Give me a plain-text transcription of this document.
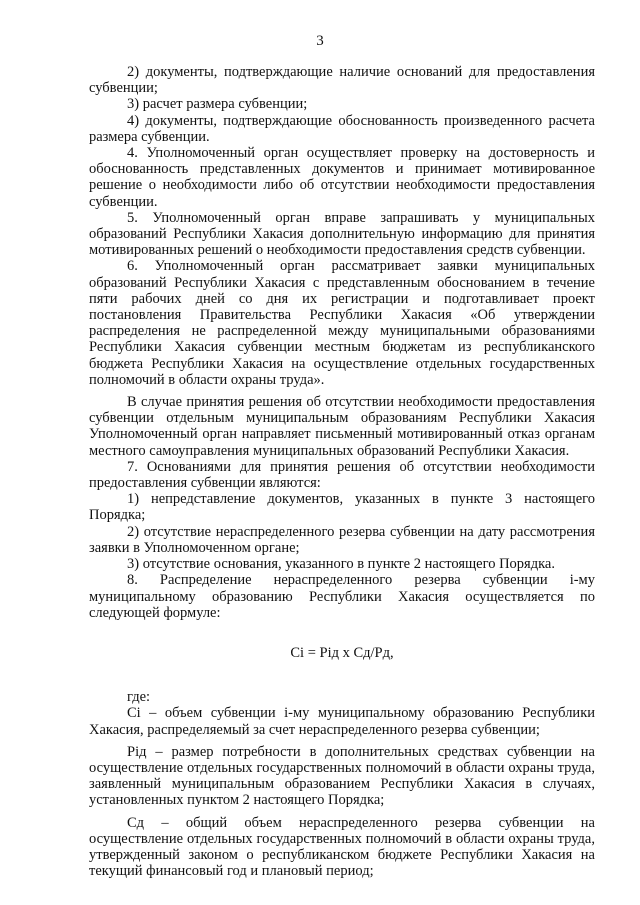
3

2) документы, подтверждающие наличие оснований для предоставления субвенции;

3) расчет размера субвенции;

4) документы, подтверждающие обоснованность произведенного расчета размера субвенции.

4. Уполномоченный орган осуществляет проверку на достоверность и обоснованность представленных документов и принимает мотивированное решение о необходимости либо об отсутствии необходимости предоставления субвенции.

5. Уполномоченный орган вправе запрашивать у муниципальных образований Республики Хакасия дополнительную информацию для принятия мотивированных решений о необходимости предоставления средств субвенции.

6. Уполномоченный орган рассматривает заявки муниципальных образований Республики Хакасия с представленным обоснованием в течение пяти рабочих дней со дня их регистрации и подготавливает проект постановления Правительства Республики Хакасия «Об утверждении распределения не распределенной между муниципальными образованиями Республики Хакасия субвенции местным бюджетам из республиканского бюджета Республики Хакасия на осуществление отдельных государственных полномочий в области охраны труда».

В случае принятия решения об отсутствии необходимости предоставления субвенции отдельным муниципальным образованиям Республики Хакасия Уполномоченный орган направляет письменный мотивированный отказ органам местного самоуправления муниципальных образований Республики Хакасия.

7. Основаниями для принятия решения об отсутствии необходимости предоставления субвенции являются:

1) непредставление документов, указанных в пункте 3 настоящего Порядка;

2) отсутствие нераспределенного резерва субвенции на дату рассмотрения заявки в Уполномоченном органе;

3) отсутствие основания, указанного в пункте 2 настоящего Порядка.

8. Распределение нераспределенного резерва субвенции i-му муниципальному образованию Республики Хакасия осуществляется по следующей формуле:

Ci = Piд x Cд/Pд,

где:

Ci – объем субвенции i-му муниципальному образованию Республики Хакасия, распределяемый за счет нераспределенного резерва субвенции;

Piд – размер потребности в дополнительных средствах субвенции на осуществление отдельных государственных полномочий в области охраны труда, заявленный муниципальным образованием Республики Хакасия в случаях, установленных пунктом 2 настоящего Порядка;

Cд – общий объем нераспределенного резерва субвенции на осуществление отдельных государственных полномочий в области охраны труда, утвержденный законом о республиканском бюджете Республики Хакасия на текущий финансовый год и плановый период;
